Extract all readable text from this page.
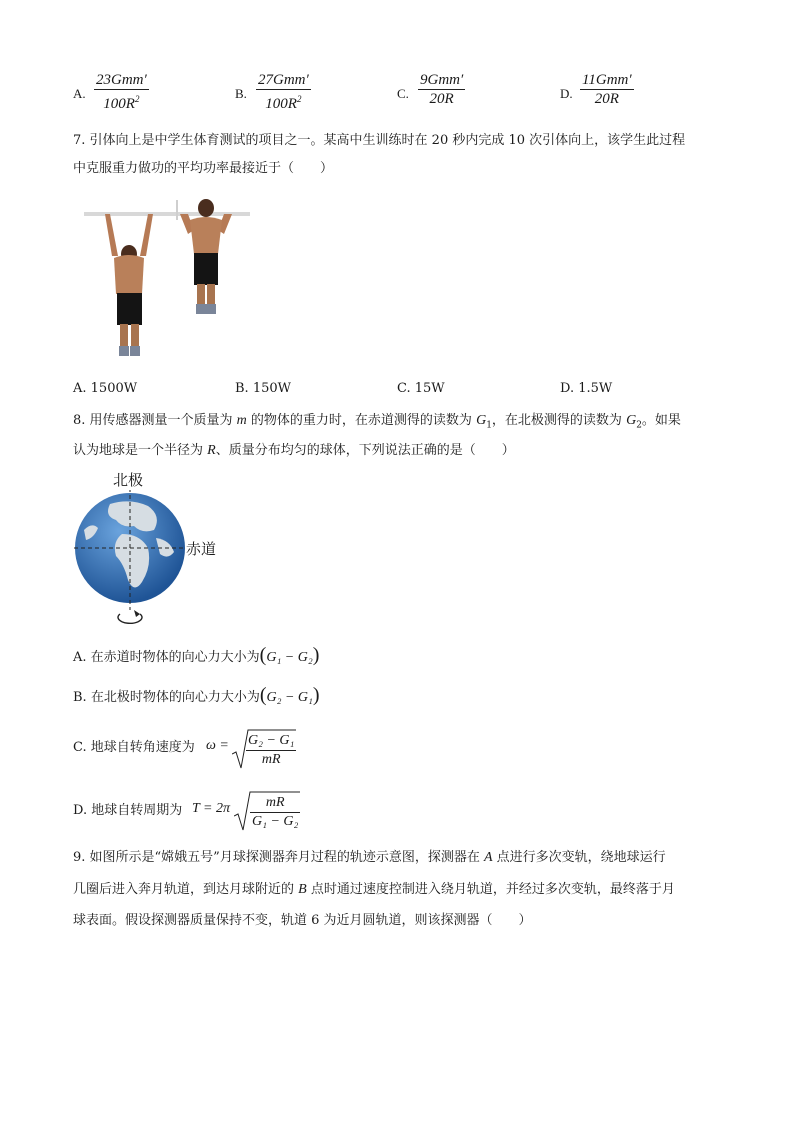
A.
23Gmm′
$100R^2$	B.
27Gmm′
$100R^2$	C.
9Gmm′
20R	D.
11Gmm′
20R
7. 引体向上是中学生体育测试的项目之一。某高中生训练时在 20 秒内完成 10 次引体向上，该学生此过程
中克服重力做功的平均功率最接近于（　　）
A. 1500W	B. 150W	C. 15W	D. 1.5W
8. 用传感器测量一个质量为 m 的物体的重力时，在赤道测得的读数为 $G_1$，在北极测得的读数为 $G_2$。如果
认为地球是一个半径为 R、质量分布均匀的球体，下列说法正确的是（　　）
北极
赤道
A. 在赤道时物体的向心力大小为(G₁ − G₂)
B. 在北极时物体的向心力大小为(G₂ − G₁)
C. 地球自转角速度为 $\omega = \frac{\text{G₂ − G₁}}{mR}$
D. 地球自转周期为 $T = 2\pi \frac{mR}{\text{G₁ − G₂}}$
9. 如图所示是“嫦娥五号”月球探测器奔月过程的轨迹示意图，探测器在 A 点进行多次变轨，绕地球运行
几圈后进入奔月轨道，到达月球附近的 B 点时通过速度控制进入绕月轨道，并经过多次变轨，最终落于月
球表面。假设探测器质量保持不变，轨道 6 为近月圆轨道，则该探测器（　　）
